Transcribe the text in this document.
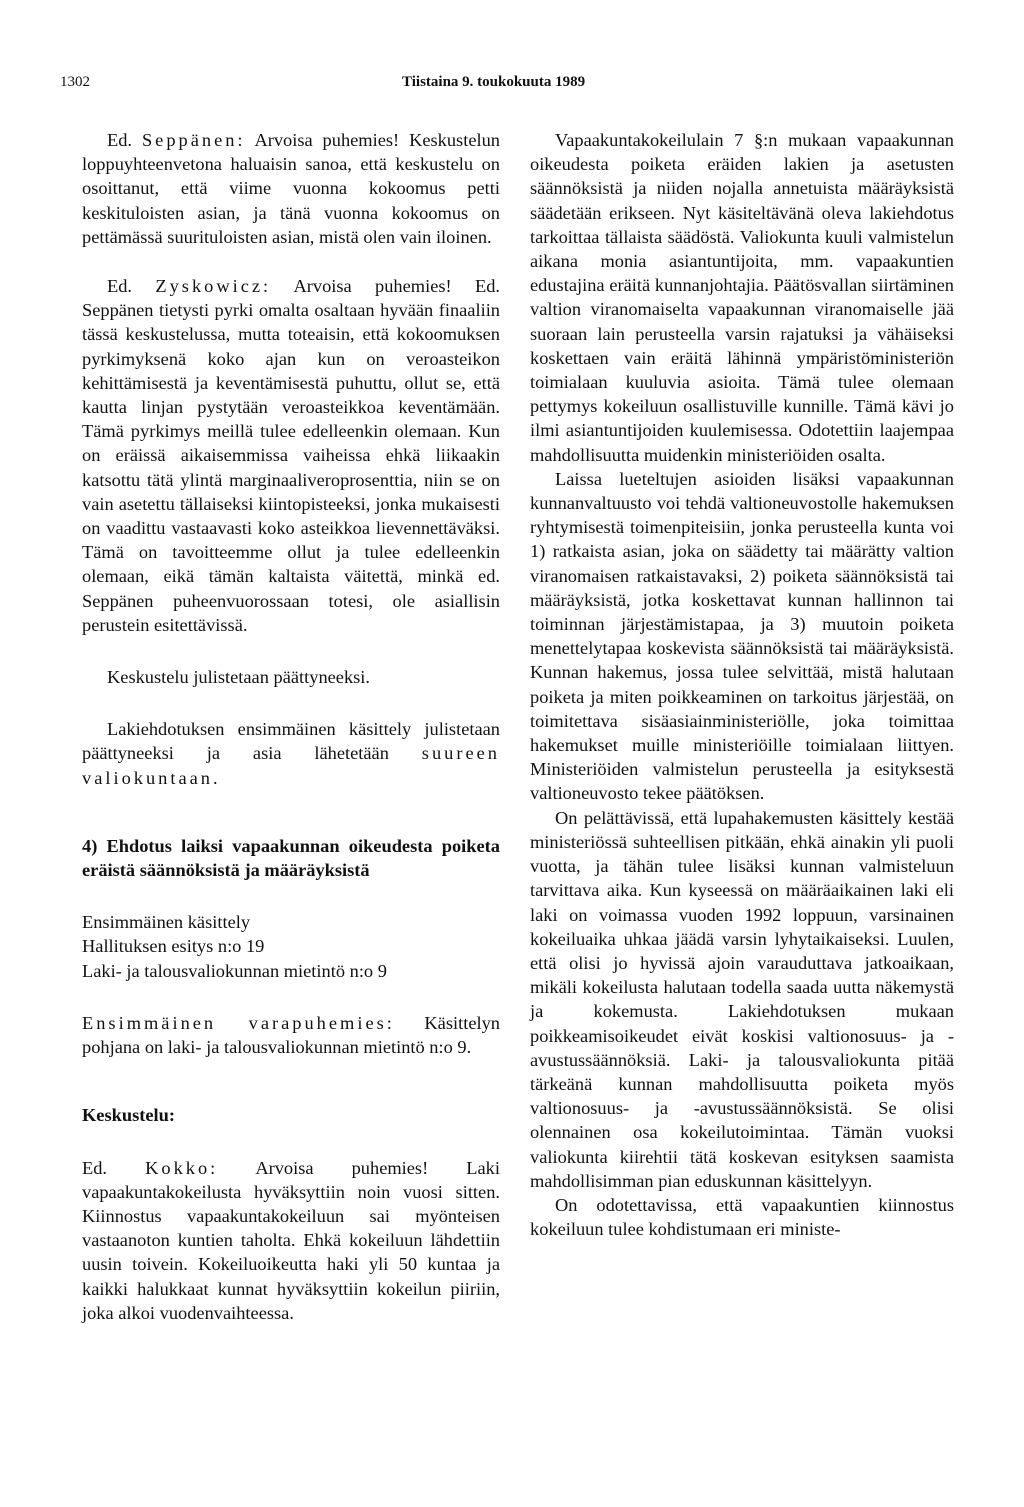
1302	Tiistaina 9. toukokuuta 1989

Ed. Seppänen: Arvoisa puhemies! Keskustelun loppuyhteenvetona haluaisin sanoa, että keskustelu on osoittanut, että viime vuonna kokoomus petti keskituloisten asian, ja tänä vuonna kokoomus on pettämässä suurituloisten asian, mistä olen vain iloinen.

Ed. Zyskowicz: Arvoisa puhemies! Ed. Seppänen tietysti pyrki omalta osaltaan hyvään finaaliin tässä keskustelussa, mutta toteaisin, että kokoomuksen pyrkimyksenä koko ajan kun on veroasteikon kehittämisestä ja keventämisestä puhuttu, ollut se, että kautta linjan pystytään veroasteikkoa keventämään. Tämä pyrkimys meillä tulee edelleenkin olemaan. Kun on eräissä aikaisemmissa vaiheissa ehkä liikaakin katsottu tätä ylintä marginaaliveroprosenttia, niin se on vain asetettu tällaiseksi kiintopisteeksi, jonka mukaisesti on vaadittu vastaavasti koko asteikkoa lievennettäväksi. Tämä on tavoitteemme ollut ja tulee edelleenkin olemaan, eikä tämän kaltaista väitettä, minkä ed. Seppänen puheenvuorossaan totesi, ole asiallisin perustein esitettävissä.

Keskustelu julistetaan päättyneeksi.

Lakiehdotuksen ensimmäinen käsittely julistetaan päättyneeksi ja asia lähetetään suureen valiokuntaan.

4) Ehdotus laiksi vapaakunnan oikeudesta poiketa eräistä säännöksistä ja määräyksistä

Ensimmäinen käsittely

Hallituksen esitys n:o 19

Laki- ja talousvaliokunnan mietintö n:o 9

Ensimmäinen varapuhemies: Käsittelyn pohjana on laki- ja talousvaliokunnan mietintö n:o 9.

Keskustelu:

Ed. Kokko: Arvoisa puhemies! Laki vapaakuntakokeilusta hyväksyttiin noin vuosi sitten. Kiinnostus vapaakuntakokeiluun sai myönteisen vastaanoton kuntien taholta. Ehkä kokeiluun lähdettiin uusin toivein. Kokeiluoikeutta haki yli 50 kuntaa ja kaikki halukkaat kunnat hyväksyttiin kokeilun piiriin, joka alkoi vuodenvaihteessa.

Vapaakuntakokeilulain 7 §:n mukaan vapaakunnan oikeudesta poiketa eräiden lakien ja asetusten säännöksistä ja niiden nojalla annetuista määräyksistä säädetään erikseen. Nyt käsiteltävänä oleva lakiehdotus tarkoittaa tällaista säädöstä. Valiokunta kuuli valmistelun aikana monia asiantuntijoita, mm. vapaakuntien edustajina eräitä kunnanjohtajia. Päätösvallan siirtäminen valtion viranomaiselta vapaakunnan viranomaiselle jää suoraan lain perusteella varsin rajatuksi ja vähäiseksi koskettaen vain eräitä lähinnä ympäristöministeriön toimialaan kuuluvia asioita. Tämä tulee olemaan pettymys kokeiluun osallistuville kunnille. Tämä kävi jo ilmi asiantuntijoiden kuulemisessa. Odotettiin laajempaa mahdollisuutta muidenkin ministeriöiden osalta.

Laissa lueteltujen asioiden lisäksi vapaakunnan kunnanvaltuusto voi tehdä valtioneuvostolle hakemuksen ryhtymisestä toimenpiteisiin, jonka perusteella kunta voi 1) ratkaista asian, joka on säädetty tai määrätty valtion viranomaisen ratkaistavaksi, 2) poiketa säännöksistä tai määräyksistä, jotka koskettavat kunnan hallinnon tai toiminnan järjestämistapaa, ja 3) muutoin poiketa menettelytapaa koskevista säännöksistä tai määräyksistä. Kunnan hakemus, jossa tulee selvittää, mistä halutaan poiketa ja miten poikkeaminen on tarkoitus järjestää, on toimitettava sisäasiainministeriölle, joka toimittaa hakemukset muille ministeriöille toimialaan liittyen. Ministeriöiden valmistelun perusteella ja esityksestä valtioneuvosto tekee päätöksen.

On pelättävissä, että lupahakemusten käsittely kestää ministeriössä suhteellisen pitkään, ehkä ainakin yli puoli vuotta, ja tähän tulee lisäksi kunnan valmisteluun tarvittava aika. Kun kyseessä on määräaikainen laki eli laki on voimassa vuoden 1992 loppuun, varsinainen kokeiluaika uhkaa jäädä varsin lyhytaikaiseksi. Luulen, että olisi jo hyvissä ajoin varauduttava jatkoaikaan, mikäli kokeilusta halutaan todella saada uutta näkemystä ja kokemusta. Lakiehdotuksen mukaan poikkeamisoikeudet eivät koskisi valtionosuus- ja -avustussäännöksiä. Laki- ja talousvaliokunta pitää tärkeänä kunnan mahdollisuutta poiketa myös valtionosuus- ja -avustussäännöksistä. Se olisi olennainen osa kokeilutoimintaa. Tämän vuoksi valiokunta kiirehtii tätä koskevan esityksen saamista mahdollisimman pian eduskunnan käsittelyyn.

On odotettavissa, että vapaakuntien kiinnostus kokeiluun tulee kohdistumaan eri ministe-
